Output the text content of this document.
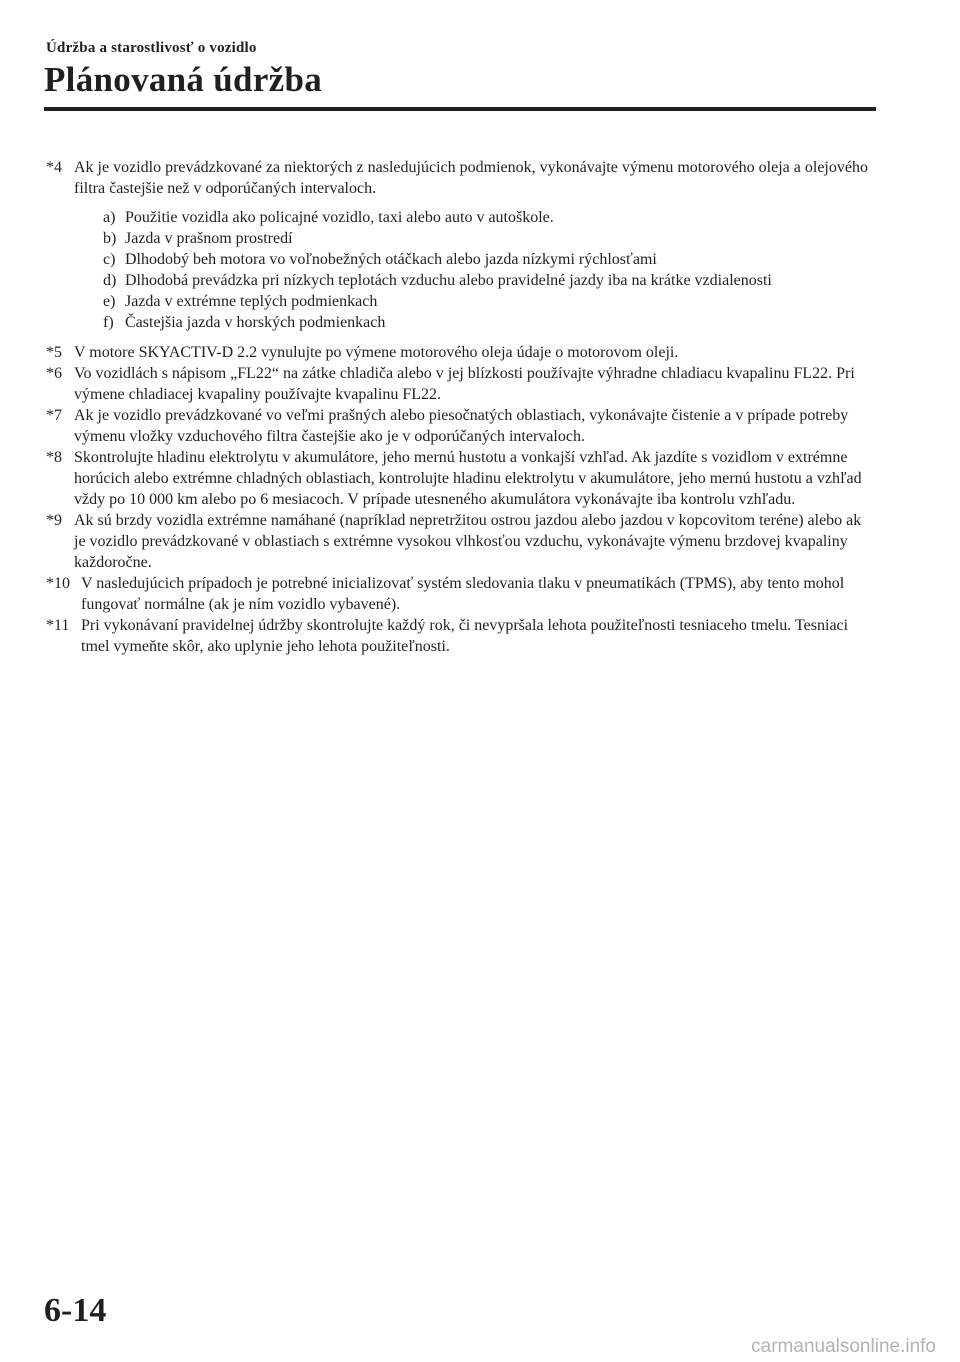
Údržba a starostlivosť o vozidlo
Plánovaná údržba
*4 Ak je vozidlo prevádzkované za niektorých z nasledujúcich podmienok, vykonávajte výmenu motorového oleja a olejového filtra častejšie než v odporúčaných intervaloch.
a) Použitie vozidla ako policajné vozidlo, taxi alebo auto v autoškole.
b) Jazda v prašnom prostredí
c) Dlhodobý beh motora vo voľnobežných otáčkach alebo jazda nízkymi rýchlosťami
d) Dlhodobá prevádzka pri nízkych teplotách vzduchu alebo pravidelné jazdy iba na krátke vzdialenosti
e) Jazda v extrémne teplých podmienkach
f) Častejšia jazda v horských podmienkach
*5 V motore SKYACTIV-D 2.2 vynulujte po výmene motorového oleja údaje o motorovom oleji.
*6 Vo vozidlách s nápisom „FL22“ na zátke chladiča alebo v jej blízkosti používajte výhradne chladiacu kvapalinu FL22. Pri výmene chladiacej kvapaliny používajte kvapalinu FL22.
*7 Ak je vozidlo prevádzkované vo veľmi prašných alebo piesočnatých oblastiach, vykonávajte čistenie a v prípade potreby výmenu vložky vzduchového filtra častejšie ako je v odporúčaných intervaloch.
*8 Skontrolujte hladinu elektrolytu v akumulátore, jeho mernú hustotu a vonkajší vzhľad. Ak jazdíte s vozidlom v extrémne horúcich alebo extrémne chladných oblastiach, kontrolujte hladinu elektrolytu v akumulátore, jeho mernú hustotu a vzhľad vždy po 10 000 km alebo po 6 mesiacoch. V prípade utesneného akumulátora vykonávajte iba kontrolu vzhľadu.
*9 Ak sú brzdy vozidla extrémne namáhané (napríklad nepretržitou ostrou jazdou alebo jazdou v kopcovitom teréne) alebo ak je vozidlo prevádzkované v oblastiach s extrémne vysokou vlhkosťou vzduchu, vykonávajte výmenu brzdovej kvapaliny každoročne.
*10 V nasledujúcich prípadoch je potrebné inicializovať systém sledovania tlaku v pneumatikách (TPMS), aby tento mohol fungovať normálne (ak je ním vozidlo vybavené).
*11 Pri vykonávaní pravidelnej údržby skontrolujte každý rok, či nevypršala lehota použiteľnosti tesniaceho tmelu. Tesniaci tmel vymeňte skôr, ako uplynie jeho lehota použiteľnosti.
6-14
carmanualsonline.info
